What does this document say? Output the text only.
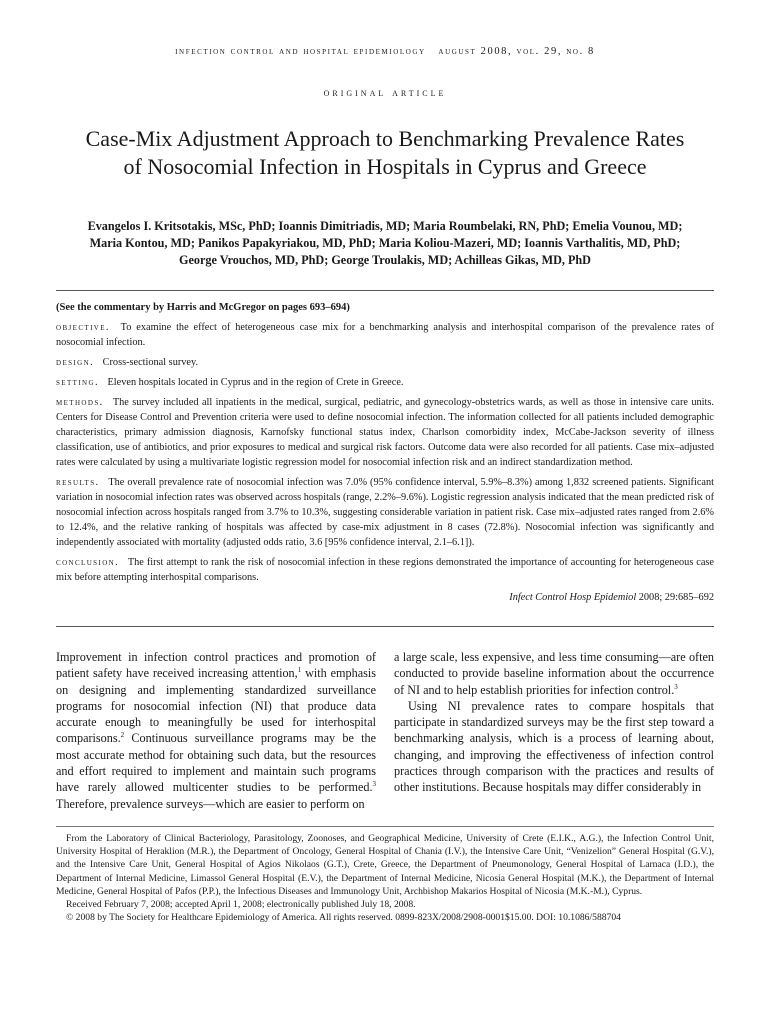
infection control and hospital epidemiology august 2008, vol. 29, no. 8
original article
Case-Mix Adjustment Approach to Benchmarking Prevalence Rates
of Nosocomial Infection in Hospitals in Cyprus and Greece
Evangelos I. Kritsotakis, MSc, PhD; Ioannis Dimitriadis, MD; Maria Roumbelaki, RN, PhD; Emelia Vounou, MD;
Maria Kontou, MD; Panikos Papakyriakou, MD, PhD; Maria Koliou-Mazeri, MD; Ioannis Varthalitis, MD, PhD;
George Vrouchos, MD, PhD; George Troulakis, MD; Achilleas Gikas, MD, PhD
(See the commentary by Harris and McGregor on pages 693–694)

objective. To examine the effect of heterogeneous case mix for a benchmarking analysis and interhospital comparison of the prevalence rates of nosocomial infection.

design. Cross-sectional survey.

setting. Eleven hospitals located in Cyprus and in the region of Crete in Greece.

methods. The survey included all inpatients in the medical, surgical, pediatric, and gynecology-obstetrics wards, as well as those in intensive care units. Centers for Disease Control and Prevention criteria were used to define nosocomial infection. The information collected for all patients included demographic characteristics, primary admission diagnosis, Karnofsky functional status index, Charlson comorbidity index, McCabe-Jackson severity of illness classification, use of antibiotics, and prior exposures to medical and surgical risk factors. Outcome data were also recorded for all patients. Case mix–adjusted rates were calculated by using a multivariate logistic regression model for nosocomial infection risk and an indirect standardization method.

results. The overall prevalence rate of nosocomial infection was 7.0% (95% confidence interval, 5.9%–8.3%) among 1,832 screened patients. Significant variation in nosocomial infection rates was observed across hospitals (range, 2.2%–9.6%). Logistic regression analysis indicated that the mean predicted risk of nosocomial infection across hospitals ranged from 3.7% to 10.3%, suggesting considerable variation in patient risk. Case mix–adjusted rates ranged from 2.6% to 12.4%, and the relative ranking of hospitals was affected by case-mix adjustment in 8 cases (72.8%). Nosocomial infection was significantly and independently associated with mortality (adjusted odds ratio, 3.6 [95% confidence interval, 2.1–6.1]).

conclusion. The first attempt to rank the risk of nosocomial infection in these regions demonstrated the importance of accounting for heterogeneous case mix before attempting interhospital comparisons.

Infect Control Hosp Epidemiol 2008; 29:685–692

Improvement in infection control practices and promotion of patient safety have received increasing attention,$^1$ with emphasis on designing and implementing standardized surveillance programs for nosocomial infection (NI) that produce data accurate enough to meaningfully be used for interhospital comparisons.$^2$ Continuous surveillance programs may be the most accurate method for obtaining such data, but the resources and effort required to implement and maintain such programs have rarely allowed multicenter studies to be performed.$^3$ Therefore, prevalence surveys—which are easier to perform on

a large scale, less expensive, and less time consuming—are often conducted to provide baseline information about the occurrence of NI and to help establish priorities for infection control.$^3$

Using NI prevalence rates to compare hospitals that participate in standardized surveys may be the first step toward a benchmarking analysis, which is a process of learning about, changing, and improving the effectiveness of infection control practices through comparison with the practices and results of other institutions. Because hospitals may differ considerably in

From the Laboratory of Clinical Bacteriology, Parasitology, Zoonoses, and Geographical Medicine, University of Crete (E.I.K., A.G.), the Infection Control Unit, University Hospital of Heraklion (M.R.), the Department of Oncology, General Hospital of Chania (I.V.), the Intensive Care Unit, “Venizelion” General Hospital (G.V.), and the Intensive Care Unit, General Hospital of Agios Nikolaos (G.T.), Crete, Greece, the Department of Pneumonology, General Hospital of Larnaca (I.D.), the Department of Internal Medicine, Limassol General Hospital (E.V.), the Department of Internal Medicine, Nicosia General Hospital (M.K.), the Department of Internal Medicine, General Hospital of Pafos (P.P.), the Infectious Diseases and Immunology Unit, Archbishop Makarios Hospital of Nicosia (M.K.-M.), Cyprus.

Received February 7, 2008; accepted April 1, 2008; electronically published July 18, 2008.

© 2008 by The Society for Healthcare Epidemiology of America. All rights reserved. 0899-823X/2008/2908-0001$15.00. DOI: 10.1086/588704
